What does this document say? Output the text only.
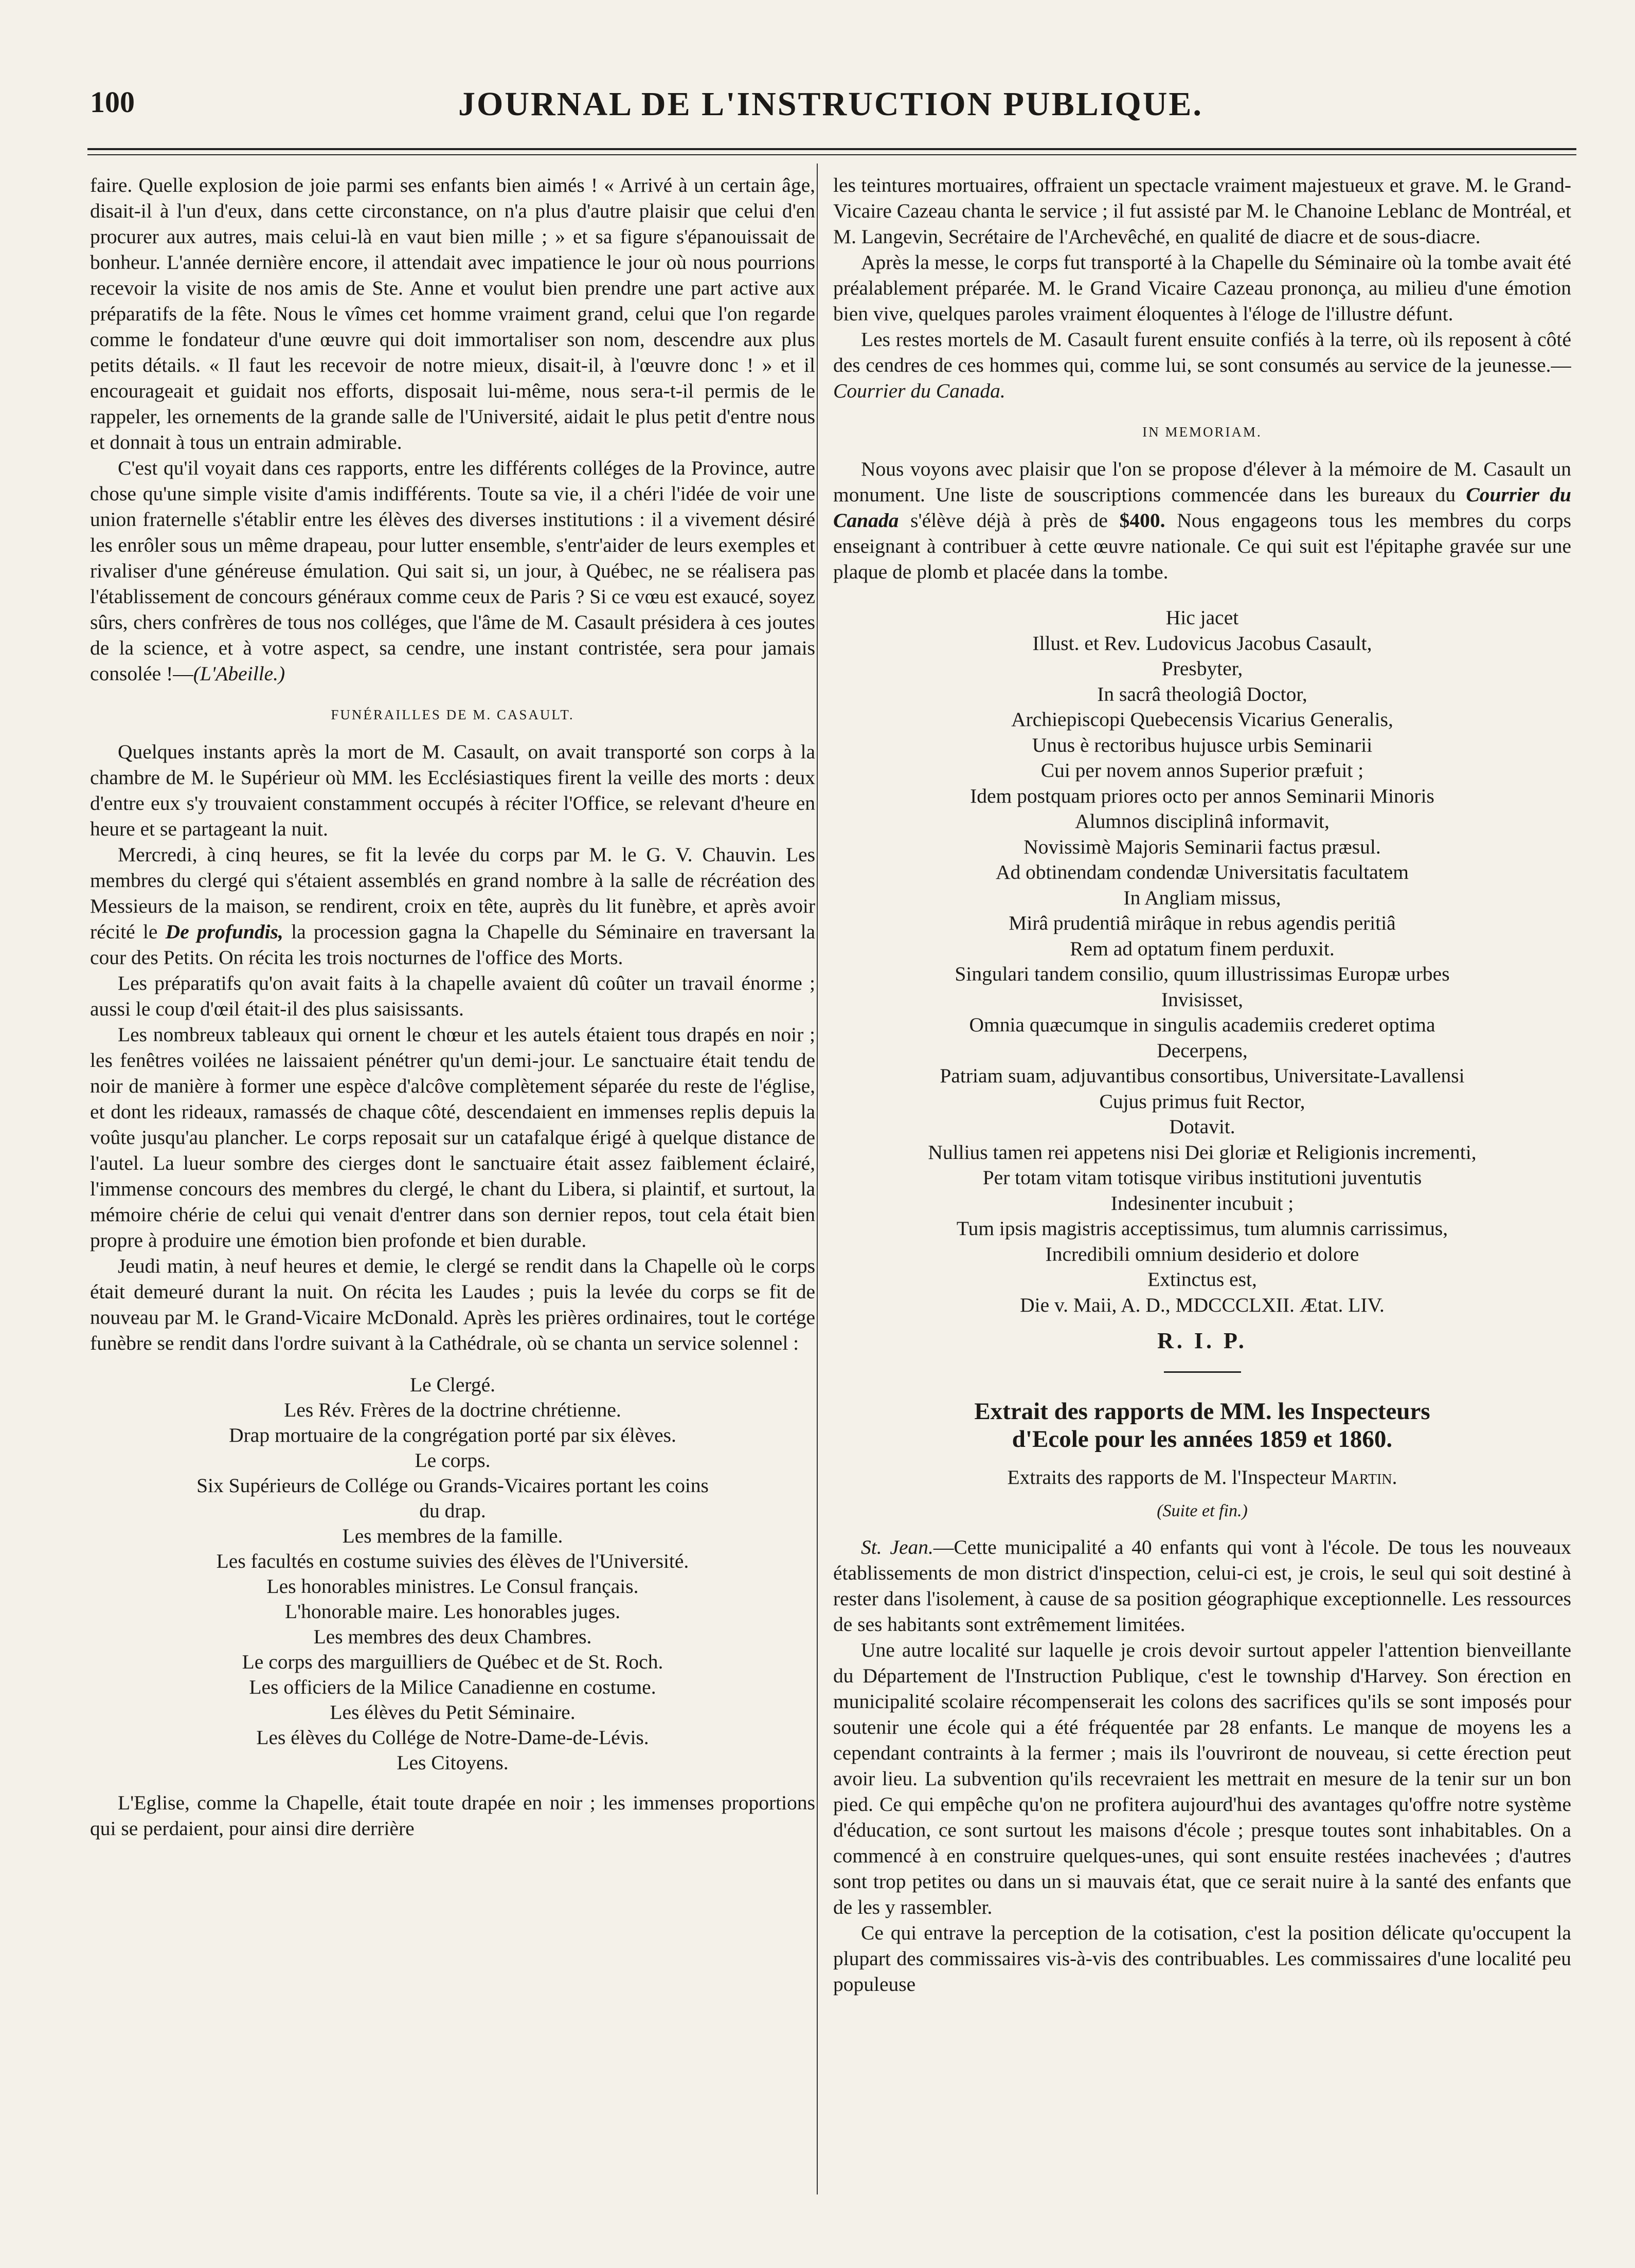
100	JOURNAL DE L'INSTRUCTION PUBLIQUE.

faire. Quelle explosion de joie parmi ses enfants bien aimés ! « Arrivé à un certain âge, disait-il à l'un d'eux, dans cette circonstance, on n'a plus d'autre plaisir que celui d'en procurer aux autres, mais celui-là en vaut bien mille ; » et sa figure s'épanouissait de bonheur. L'année dernière encore, il attendait avec impatience le jour où nous pourrions recevoir la visite de nos amis de Ste. Anne et voulut bien prendre une part active aux préparatifs de la fête. Nous le vîmes cet homme vraiment grand, celui que l'on regarde comme le fondateur d'une œuvre qui doit immortaliser son nom, descendre aux plus petits détails. « Il faut les recevoir de notre mieux, disait-il, à l'œuvre donc ! » et il encourageait et guidait nos efforts, disposait lui-même, nous sera-t-il permis de le rappeler, les ornements de la grande salle de l'Université, aidait le plus petit d'entre nous et donnait à tous un entrain admirable.

C'est qu'il voyait dans ces rapports, entre les différents colléges de la Province, autre chose qu'une simple visite d'amis indifférents. Toute sa vie, il a chéri l'idée de voir une union fraternelle s'établir entre les élèves des diverses institutions : il a vivement désiré les enrôler sous un même drapeau, pour lutter ensemble, s'entr'aider de leurs exemples et rivaliser d'une généreuse émulation. Qui sait si, un jour, à Québec, ne se réalisera pas l'établissement de concours généraux comme ceux de Paris ? Si ce vœu est exaucé, soyez sûrs, chers confrères de tous nos colléges, que l'âme de M. Casault présidera à ces joutes de la science, et à votre aspect, sa cendre, une instant contristée, sera pour jamais consolée !—(L'Abeille.)

FUNÉRAILLES DE M. CASAULT.

Quelques instants après la mort de M. Casault, on avait transporté son corps à la chambre de M. le Supérieur où MM. les Ecclésiastiques firent la veille des morts : deux d'entre eux s'y trouvaient constamment occupés à réciter l'Office, se relevant d'heure en heure et se partageant la nuit.

Mercredi, à cinq heures, se fit la levée du corps par M. le G. V. Chauvin. Les membres du clergé qui s'étaient assemblés en grand nombre à la salle de récréation des Messieurs de la maison, se rendirent, croix en tête, auprès du lit funèbre, et après avoir récité le De profundis, la procession gagna la Chapelle du Séminaire en traversant la cour des Petits. On récita les trois nocturnes de l'office des Morts.

Les préparatifs qu'on avait faits à la chapelle avaient dû coûter un travail énorme ; aussi le coup d'œil était-il des plus saisissants.

Les nombreux tableaux qui ornent le chœur et les autels étaient tous drapés en noir ; les fenêtres voilées ne laissaient pénétrer qu'un demi-jour. Le sanctuaire était tendu de noir de manière à former une espèce d'alcôve complètement séparée du reste de l'église, et dont les rideaux, ramassés de chaque côté, descendaient en immenses replis depuis la voûte jusqu'au plancher. Le corps reposait sur un catafalque érigé à quelque distance de l'autel. La lueur sombre des cierges dont le sanctuaire était assez faiblement éclairé, l'immense concours des membres du clergé, le chant du Libera, si plaintif, et surtout, la mémoire chérie de celui qui venait d'entrer dans son dernier repos, tout cela était bien propre à produire une émotion bien profonde et bien durable.

Jeudi matin, à neuf heures et demie, le clergé se rendit dans la Chapelle où le corps était demeuré durant la nuit. On récita les Laudes ; puis la levée du corps se fit de nouveau par M. le Grand-Vicaire McDonald. Après les prières ordinaires, tout le cortége funèbre se rendit dans l'ordre suivant à la Cathédrale, où se chanta un service solennel :

Le Clergé.
Les Rév. Frères de la doctrine chrétienne.
Drap mortuaire de la congrégation porté par six élèves.
Le corps.
Six Supérieurs de Collége ou Grands-Vicaires portant les coins
du drap.
Les membres de la famille.
Les facultés en costume suivies des élèves de l'Université.
Les honorables ministres. Le Consul français.
L'honorable maire. Les honorables juges.
Les membres des deux Chambres.
Le corps des marguilliers de Québec et de St. Roch.
Les officiers de la Milice Canadienne en costume.
Les élèves du Petit Séminaire.
Les élèves du Collége de Notre-Dame-de-Lévis.
Les Citoyens.

L'Eglise, comme la Chapelle, était toute drapée en noir ; les immenses proportions qui se perdaient, pour ainsi dire derrière

les teintures mortuaires, offraient un spectacle vraiment majestueux et grave. M. le Grand-Vicaire Cazeau chanta le service ; il fut assisté par M. le Chanoine Leblanc de Montréal, et M. Langevin, Secrétaire de l'Archevêché, en qualité de diacre et de sous-diacre.

Après la messe, le corps fut transporté à la Chapelle du Séminaire où la tombe avait été préalablement préparée. M. le Grand Vicaire Cazeau prononça, au milieu d'une émotion bien vive, quelques paroles vraiment éloquentes à l'éloge de l'illustre défunt.

Les restes mortels de M. Casault furent ensuite confiés à la terre, où ils reposent à côté des cendres de ces hommes qui, comme lui, se sont consumés au service de la jeunesse.—Courrier du Canada.

IN MEMORIAM.

Nous voyons avec plaisir que l'on se propose d'élever à la mémoire de M. Casault un monument. Une liste de souscriptions commencée dans les bureaux du Courrier du Canada s'élève déjà à près de $400. Nous engageons tous les membres du corps enseignant à contribuer à cette œuvre nationale. Ce qui suit est l'épitaphe gravée sur une plaque de plomb et placée dans la tombe.

Hic jacet
Illust. et Rev. Ludovicus Jacobus Casault,
Presbyter,
In sacrâ theologiâ Doctor,
Archiepiscopi Quebecensis Vicarius Generalis,
Unus è rectoribus hujusce urbis Seminarii
Cui per novem annos Superior præfuit ;
Idem postquam priores octo per annos Seminarii Minoris
Alumnos disciplinâ informavit,
Novissimè Majoris Seminarii factus præsul.
Ad obtinendam condendæ Universitatis facultatem
In Angliam missus,
Mirâ prudentiâ mirâque in rebus agendis peritiâ
Rem ad optatum finem perduxit.
Singulari tandem consilio, quum illustrissimas Europæ urbes
Invisisset,
Omnia quæcumque in singulis academiis crederet optima
Decerpens,
Patriam suam, adjuvantibus consortibus, Universitate-Lavallensi
Cujus primus fuit Rector,
Dotavit.
Nullius tamen rei appetens nisi Dei gloriæ et Religionis incrementi,
Per totam vitam totisque viribus institutioni juventutis
Indesinenter incubuit ;
Tum ipsis magistris acceptissimus, tum alumnis carrissimus,
Incredibili omnium desiderio et dolore
Extinctus est,
Die v. Maii, A. D., MDCCCLXII. Ætat. LIV.
R. I. P.
Extrait des rapports de MM. les Inspecteurs
d'Ecole pour les années 1859 et 1860.
Extraits des rapports de M. l'Inspecteur Martin.
(Suite et fin.)

St. Jean.—Cette municipalité a 40 enfants qui vont à l'école. De tous les nouveaux établissements de mon district d'inspection, celui-ci est, je crois, le seul qui soit destiné à rester dans l'isolement, à cause de sa position géographique exceptionnelle. Les ressources de ses habitants sont extrêmement limitées.

Une autre localité sur laquelle je crois devoir surtout appeler l'attention bienveillante du Département de l'Instruction Publique, c'est le township d'Harvey. Son érection en municipalité scolaire récompenserait les colons des sacrifices qu'ils se sont imposés pour soutenir une école qui a été fréquentée par 28 enfants. Le manque de moyens les a cependant contraints à la fermer ; mais ils l'ouvriront de nouveau, si cette érection peut avoir lieu. La subvention qu'ils recevraient les mettrait en mesure de la tenir sur un bon pied. Ce qui empêche qu'on ne profitera aujourd'hui des avantages qu'offre notre système d'éducation, ce sont surtout les maisons d'école ; presque toutes sont inhabitables. On a commencé à en construire quelques-unes, qui sont ensuite restées inachevées ; d'autres sont trop petites ou dans un si mauvais état, que ce serait nuire à la santé des enfants que de les y rassembler.

Ce qui entrave la perception de la cotisation, c'est la position délicate qu'occupent la plupart des commissaires vis-à-vis des contribuables. Les commissaires d'une localité peu populeuse
